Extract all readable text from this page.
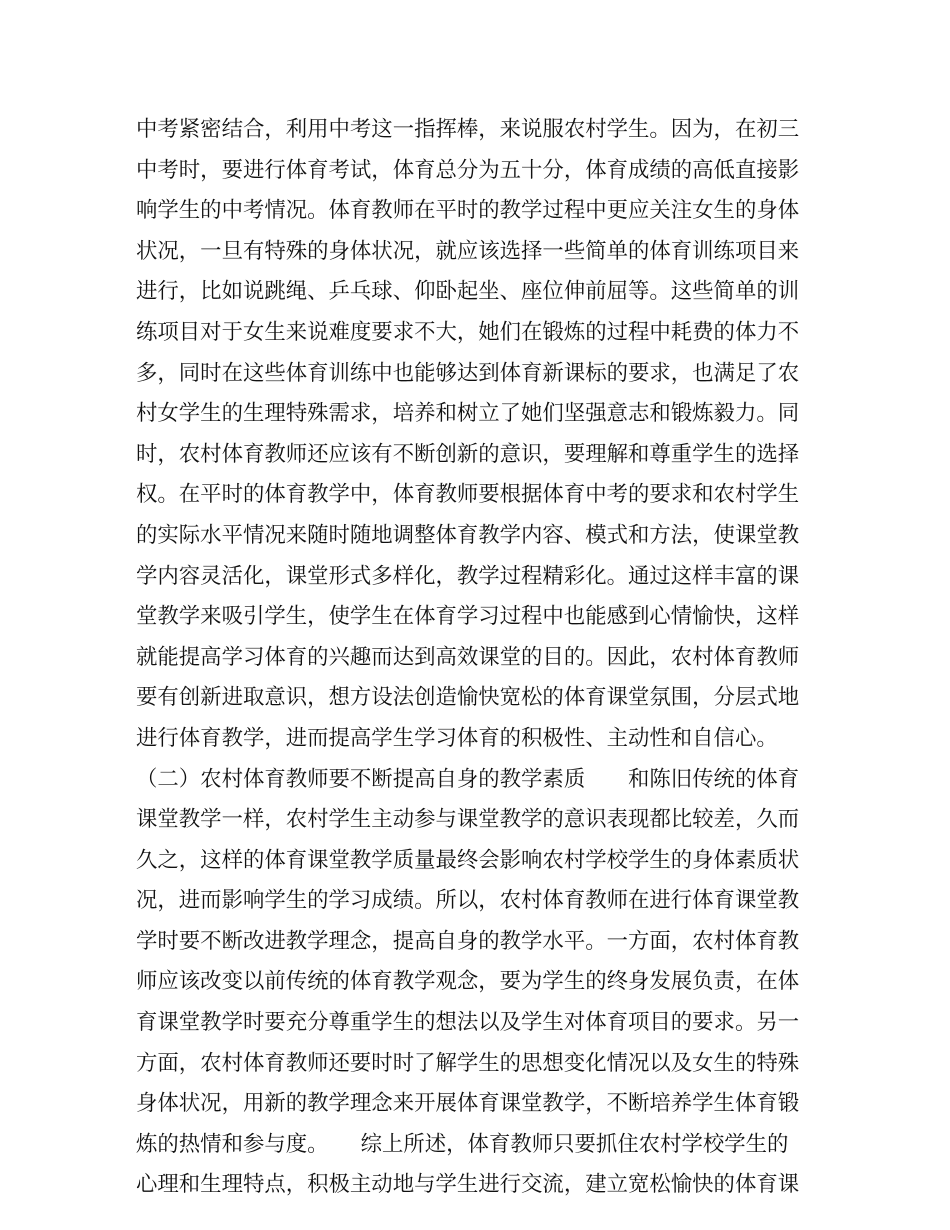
中考紧密结合，利用中考这一指挥棒，来说服农村学生。因为，在初三

中考时，要进行体育考试，体育总分为五十分，体育成绩的高低直接影

响学生的中考情况。体育教师在平时的教学过程中更应关注女生的身体

状况，一旦有特殊的身体状况，就应该选择一些简单的体育训练项目来

进行，比如说跳绳、乒乓球、仰卧起坐、座位伸前屈等。这些简单的训

练项目对于女生来说难度要求不大，她们在锻炼的过程中耗费的体力不

多，同时在这些体育训练中也能够达到体育新课标的要求，也满足了农

村女学生的生理特殊需求，培养和树立了她们坚强意志和锻炼毅力。同

时，农村体育教师还应该有不断创新的意识，要理解和尊重学生的选择

权。在平时的体育教学中，体育教师要根据体育中考的要求和农村学生

的实际水平情况来随时随地调整体育教学内容、模式和方法，使课堂教

学内容灵活化，课堂形式多样化，教学过程精彩化。通过这样丰富的课

堂教学来吸引学生，使学生在体育学习过程中也能感到心情愉快，这样

就能提高学习体育的兴趣而达到高效课堂的目的。因此，农村体育教师

要有创新进取意识，想方设法创造愉快宽松的体育课堂氛围，分层式地

进行体育教学，进而提高学生学习体育的积极性、主动性和自信心。

（二）农村体育教师要不断提高自身的教学素质　　和陈旧传统的体育

课堂教学一样，农村学生主动参与课堂教学的意识表现都比较差，久而

久之，这样的体育课堂教学质量最终会影响农村学校学生的身体素质状

况，进而影响学生的学习成绩。所以，农村体育教师在进行体育课堂教

学时要不断改进教学理念，提高自身的教学水平。一方面，农村体育教

师应该改变以前传统的体育教学观念，要为学生的终身发展负责，在体

育课堂教学时要充分尊重学生的想法以及学生对体育项目的要求。另一

方面，农村体育教师还要时时了解学生的思想变化情况以及女生的特殊

身体状况，用新的教学理念来开展体育课堂教学，不断培养学生体育锻

炼的热情和参与度。　　综上所述，体育教师只要抓住农村学校学生的

心理和生理特点，积极主动地与学生进行交流，建立宽松愉快的体育课
